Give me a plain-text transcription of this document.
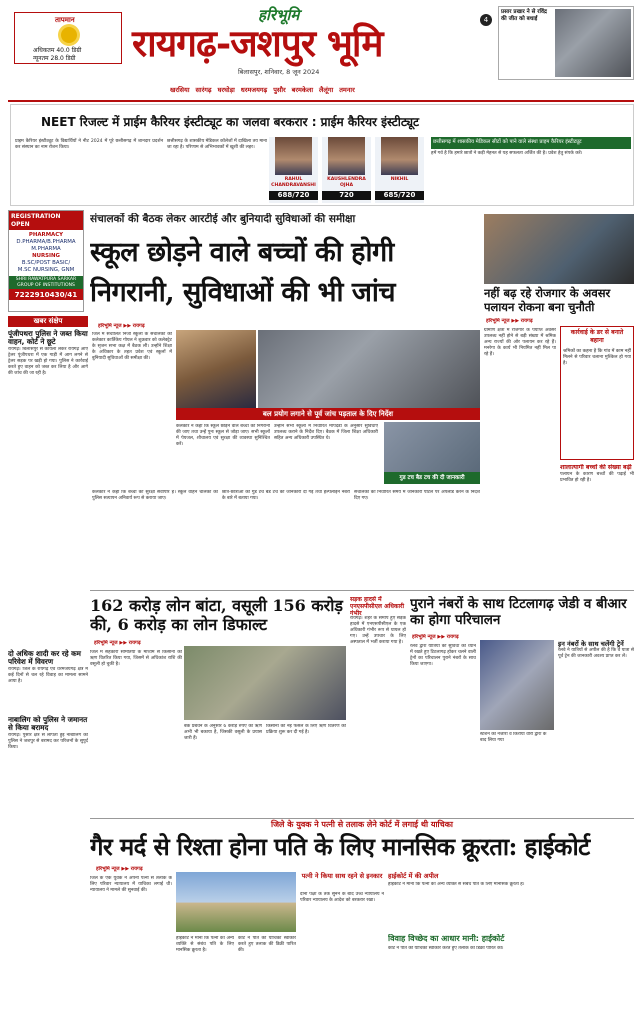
तापमान
अधिकतम 40.0 डिग्री
न्यूनतम 28.0 डिग्री
हरिभूमि
रायगढ़-जशपुर भूमि
बिलासपुर, शनिवार, 8 जून 2024
4
प्रसार प्रखार ने से रविंद्र की जीत को बधाई
खरसिया सारंगढ़ घरघोड़ा धरमजयगढ़ पुसौर बरमकेला लैलूंगा तमनार
NEET रिजल्ट में प्राईम कैरियर इंस्टीट्यूट का जलवा बरकरार : प्राईम कैरियर इंस्टीट्यूट
प्राइम कैरियर इंस्टीट्यूट के विद्यार्थियों ने नीट 2024 में पूरे छत्तीसगढ़ में शानदार प्रदर्शन कर संस्थान का नाम रोशन किया।
छत्तीसगढ़ के शासकीय मेडिकल कॉलेजों में दाखिला तय माना जा रहा है। परिणाम से अभिभावकों में खुशी की लहर।
RAHUL CHANDRAVANSHI
688/720
KAUSHLENDRA OJHA
720
NIKHIL
685/720
छत्तीसगढ़ में शासकीय मेडिकल सीटों को पाने वाले संस्था प्राइम कैरियर इंस्टीट्यूट
हमें गर्व है कि हमारे छात्रों ने कड़ी मेहनत से यह सफलता अर्जित की है। प्रवेश हेतु संपर्क करें।
REGISTRATION OPEN
PHARMACY
D.PHARMA/B.PHARMA
M.PHARMA
NURSING
B.SC/POST BASIC/
M.SC NURSING, GNM
SHRI RAWATPURA SARKAR GROUP OF INSTITUTIONS
7222910430/41
खबर संक्षेप
पूंजीपथरा पुलिस ने जब्त किया वाहन, कोर्ट ने छूटे
रायगढ़। बिलासपुर से कोयला लेकर रायगढ़ आए ट्रेलर पूंजीपथरा में एक गाड़ी में आग लगने से ट्रेलर सड़क पर खड़ी हो गया। पुलिस ने कार्रवाई करते हुए वाहन को जब्त कर लिया है और आगे की जांच की जा रही है।
दो अधिक शादी कर रहे कम परिवेश में विवरण
रायगढ़। जिले के रायगढ़ एवं धरमजयगढ़ क्षेत्र में कई दिनों से चल रहे विवाह का मामला सामने आया है।
नाबालिग को पुलिस ने जमानत से किया बरामद
रायगढ़। पुसौर क्षेत्र से लापता हुई नाबालिग को पुलिस ने जशपुर से बरामद कर परिजनों के सुपुर्द किया।
संचालकों की बैठक लेकर आरटीई और बुनियादी सुविधाओं की समीक्षा
स्कूल छोड़ने वाले बच्चों की होगी
निगरानी, सुविधाओं की भी जांच
हरिभूमि न्यूज ▶▶ रायगढ़
जिले में संचालित निजी स्कूलों के संचालकों की कलेक्टर कार्तिकेय गोयल ने शुक्रवार को कलेक्ट्रेट के सृजन सभा कक्ष में बैठक ली। उन्होंने शिक्षा के अधिकार के तहत प्रवेश एवं स्कूलों में बुनियादी सुविधाओं की समीक्षा की।
बल प्रयोग लगाने से पूर्व जांच पड़ताल के दिए निर्देश
कलेक्टर ने कहा कि स्कूल छोड़ने वाले बच्चों की निगरानी की जाए तथा उन्हें पुनः स्कूल से जोड़ा जाए। सभी स्कूलों में पेयजल, शौचालय एवं सुरक्षा की व्यवस्था सुनिश्चित करें।
उन्होंने सभी स्कूलों में निर्धारित मापदंडों के अनुसार सुविधाएं उपलब्ध कराने के निर्देश दिए। बैठक में जिला शिक्षा अधिकारी सहित अन्य अधिकारी उपस्थित थे।
गुड टच बैड टच की दी जानकारी
कलेक्टर ने कहा कि बच्चों की सुरक्षा सर्वोपरि है। स्कूल वाहन चालकों का पुलिस सत्यापन अनिवार्य रूप से कराया जाए।
छात्र-छात्राओं को गुड टच बैड टच की जानकारी दी गई तथा हेल्पलाइन नंबरों के बारे में बताया गया।
संचालकों को निर्धारित समय में जानकारी पोर्टल पर अपलोड करने के निर्देश दिए गए।
नहीं बढ़ रहे रोजगार के अवसर पलायन रोकना बना चुनौती
हरिभूमि न्यूज ▶▶ रायगढ़
ग्रामीण क्षेत्रों में रोजगार के पर्याप्त अवसर उपलब्ध नहीं होने से बड़ी संख्या में श्रमिक अन्य राज्यों की ओर पलायन कर रहे हैं। मनरेगा के कार्य भी नियमित नहीं मिल पा रहे हैं।
कार्रवाई के डर से बनाते बहाना
श्रमिकों का कहना है कि गांव में काम नहीं मिलने से परिवार चलाना मुश्किल हो गया है।
शालात्यागी बच्चों की संख्या बढ़ी
पलायन के कारण बच्चों की पढ़ाई भी प्रभावित हो रही है।
162 करोड़ लोन बांटा, वसूली 156 करोड़ की, 6 करोड़ का लोन डिफाल्ट
हरिभूमि न्यूज ▶▶ रायगढ़
जिले में सहकारी समितियों के माध्यम से किसानों को ऋण वितरित किया गया, जिसमें से अधिकांश राशि की वसूली हो चुकी है।
बैंक प्रबंधन के अनुसार 6 करोड़ रुपए का ऋण अभी भी बकाया है, जिसकी वसूली के प्रयास जारी हैं।
किसानों को नई फसल के लिए ऋण वितरण की प्रक्रिया शुरू कर दी गई है।
सड़क हादसे में एनएसपीसीएल अधिकारी गंभीर
रायगढ़। शहर के समीप हुए सड़क हादसे में एनएसपीसीएल के एक अधिकारी गंभीर रूप से घायल हो गए। उन्हें उपचार के लिए अस्पताल में भर्ती कराया गया है।
पुराने नंबरों के साथ टिटलागढ़ जेडी व बीआर का होगा परिचालन
हरिभूमि न्यूज ▶▶ रायगढ़
रेलवे द्वारा यात्रियों की सुविधा को ध्यान में रखते हुए टिटलागढ़ होकर चलने वाली ट्रेनों का परिचालन पुराने नंबरों के साथ किया जाएगा।
स्टेशन का नजारा व किराया वीरों द्वारा के बाद लिया गया
इन नंबरों के साथ चलेंगी ट्रेनें
रेलवे ने यात्रियों से अपील की है कि वे यात्रा से पूर्व ट्रेन की जानकारी अवश्य प्राप्त कर लें।
जिले के युवक ने पत्नी से तलाक लेने कोर्ट में लगाई थी याचिका
गैर मर्द से रिश्ता होना पति के लिए मानसिक क्रूरता: हाईकोर्ट
हरिभूमि न्यूज ▶▶ रायगढ़
जिले के एक युवक ने अपनी पत्नी से तलाक के लिए परिवार न्यायालय में याचिका लगाई थी। न्यायालय ने मामले की सुनवाई की।
हाईकोर्ट ने माना कि पत्नी का अन्य व्यक्ति से संबंध पति के लिए मानसिक क्रूरता है।
कोर्ट ने पति की याचिका स्वीकार करते हुए तलाक की डिक्री पारित की।
पत्नी ने किया साथ रहने से इनकार
दोनों पक्षों के तर्क सुनने के बाद उच्च न्यायालय ने परिवार न्यायालय के आदेश को बरकरार रखा।
हाईकोर्ट में की अपील
हाईकोर्ट ने माना कि पत्नी का अन्य व्यक्ति से संबंध पति के लिए मानसिक क्रूरता है।
विवाह विच्छेद का आधार मानी: हाईकोर्ट
कोर्ट ने पति की याचिका स्वीकार करते हुए तलाक की डिक्री पारित की।
